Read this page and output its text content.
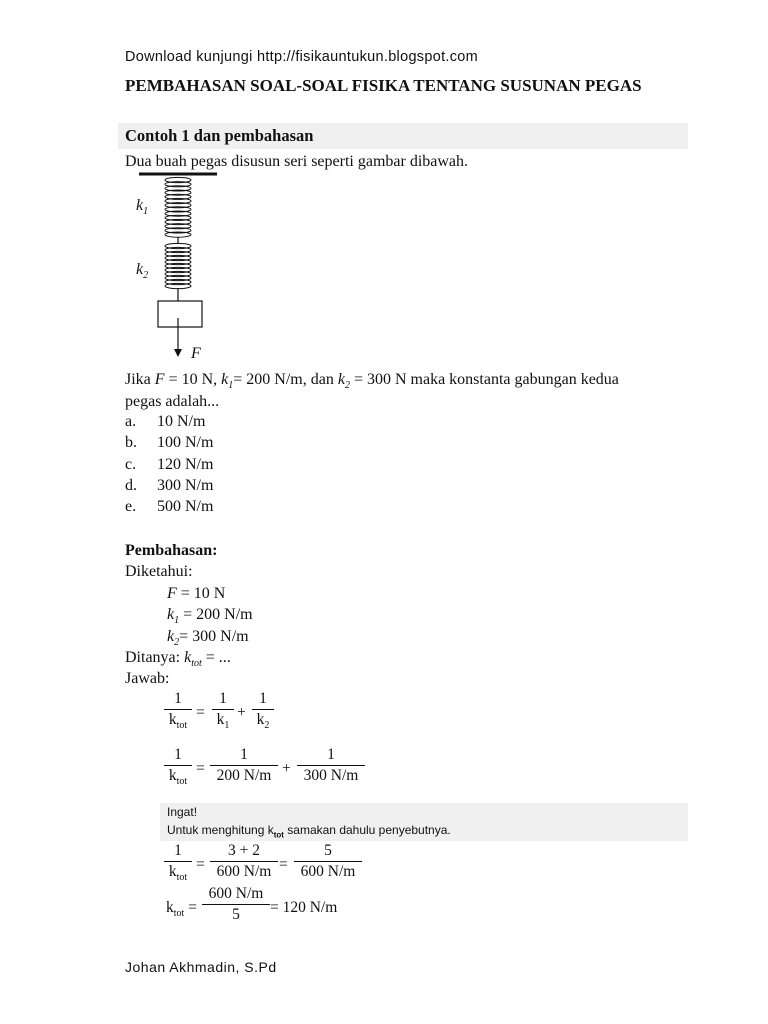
Download kunjungi http://fisikauntukun.blogspot.com
PEMBAHASAN SOAL-SOAL FISIKA TENTANG SUSUNAN PEGAS
Contoh 1 dan pembahasan
Dua buah pegas disusun seri seperti gambar dibawah.
$k_1$
$k_2$
F
Jika F = 10 N, $k_1= 200$ N/m, dan $k_2 = 300$ N maka konstanta gabungan kedua
pegas adalah...
a. 10 N/m
b. 100 N/m
c. 120 N/m
d. 300 N/m
e. 500 N/m
Pembahasan:
Diketahui:
F = 10 N
$k_1 = 200$ N/m
$k_2= 300$ N/m
Ditanya: $k_{tot}$ = ...
Jawab:
1
$k_{tot}$
=
1
$k_1$
+
1
$k_2$
1
$k_{tot}$
=
1
200 N/m +
1
300 N/m
Ingat!
Untuk menghitung $k_{tot}$ samakan dahulu penyebutnya.
1
$k_{tot}$
=
3 + 2
600 N/m =
5
600 N/m
$k_{tot}$ =
600 N/m
5	= 120 N/m
Johan Akhmadin, S.Pd
